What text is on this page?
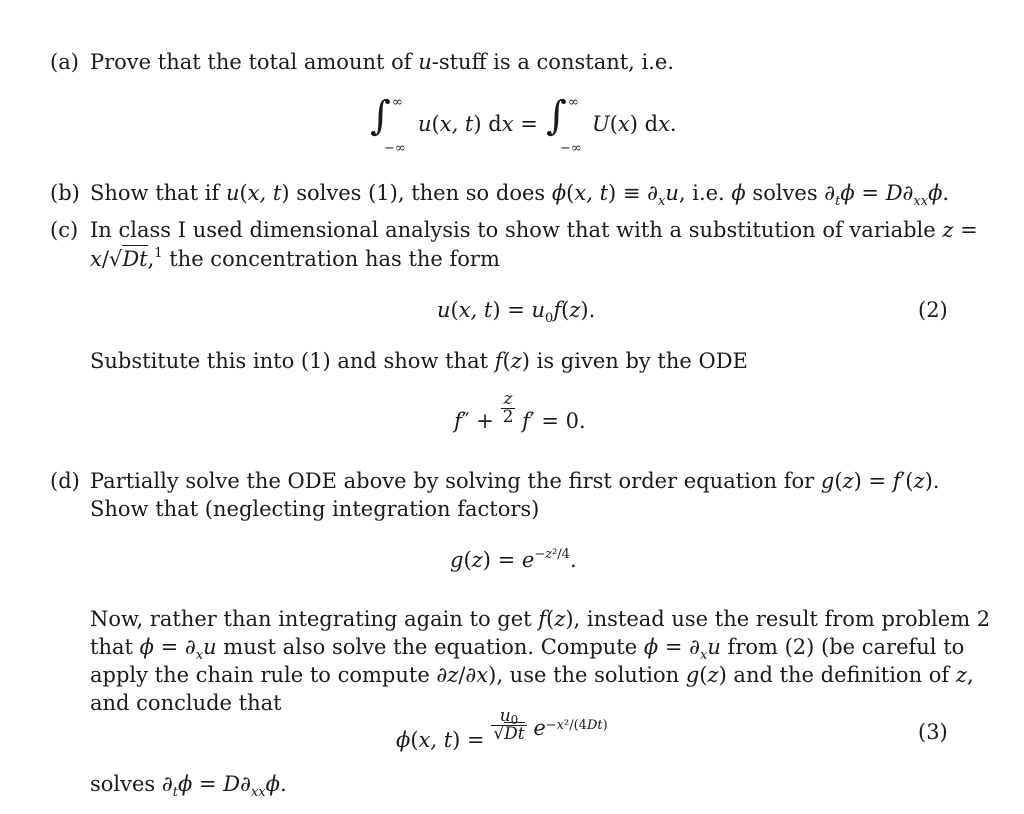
(a) Prove that the total amount of u-stuff is a constant, i.e.
∫ ∞
−∞
u(x, t) dx = ∫ ∞
−∞
U(x) dx.
(b) Show that if u(x, t) solves (1), then so does ϕ(x, $t) \equiv \partial_xu$, i.e. ϕ solves $\partial_t\phi = D\partial_{xx}\phi$.
(c) In class I used dimensional analysis to show that with a substitution of variable z =
x/√Dt,$^1$ the concentration has the form
u(x, $t) = u_0f(z)$.	(2)
Substitute this into (1) and show that f(z) is given by the ODE
$f'' + \frac{z}{2} f' = 0$.
(d) Partially solve the ODE above by solving the first order equation for g(z) = f′(z).
Show that (neglecting integration factors)
$g(z) = e^{-z^2/4}$.
Now, rather than integrating again to get f(z), instead use the result from problem 2
that $\phi = \partial_xu$ must also solve the equation. Compute $\phi = \partial_xu$ from (2) (be careful to
apply the chain rule to compute ∂z/∂x), use the solution g(z) and the definition of z,
and conclude that
ϕ(x, $t) = \frac{u0}{√Dt} e^{-x^2/(4Dt)}$	(3)
solves $\partial_t\phi = D\partial_{xx}\phi$.
